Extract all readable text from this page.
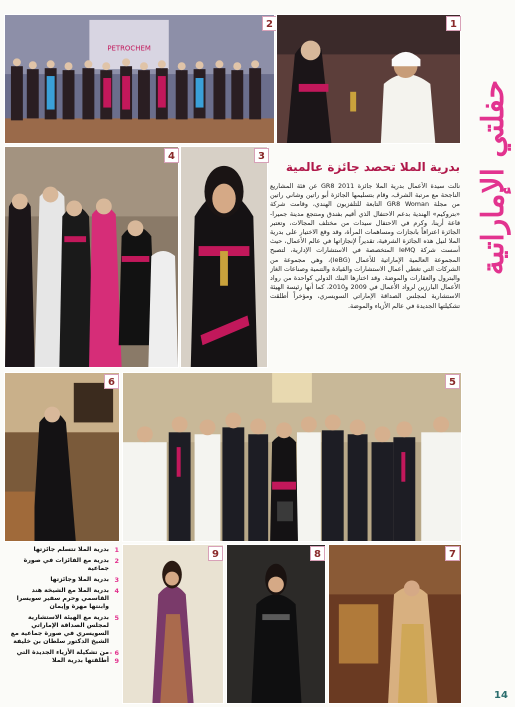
PETROCHEM
2	1
حفلتي الإماراتية
4	3
بدرية الملا تحصد جائزة عالمية
نالت سيدة الأعمال بدرية الملا جائزة GR8 2011 عن فئة المشاريع الناجحة مع مرتبة الشرف، وقام بتسليمها الجائزة أبو راتين وشاني راتين من مجلة GR8 Woman التابعة للتلفزيون الهندي، وقامت شركة «بتروكيم» الهندية بدعم الاحتفال الذي أقيم بفندق ومنتجع مدينة جميرا- قاعة أرينا، وكرم في الاحتفال سيدات من مختلف المجالات، وتعتبر الجائزة اعترافاً بانجازات ومساهمات المرأة، وقد وقع الاختيار على بدرية الملا لنيل هذه الجائزة الشرفية، تقديراً لإنجازاتها في عالم الأعمال، حيث أسست شركة IeMQ المتخصصة في الاستشارات الإدارية، لتصبح المجموعة العالمية الإماراتية للأعمال (IeBG)، وهي مجموعة من الشركات التي تغطي أعمال الاستشارات والقيادة والتنمية وصناعات الغاز والبترول والعقارات والموضة. وقد اختارها البنك الدولي كواحدة من رواد الأعمال البارزين لرواد الأعمال في 2009 و2010، كما أنها رئيسة الهيئة الاستشارية لمجلس الصداقة الإماراتي السويسري، ومؤخراً أطلقت تشكيلتها الجديدة في عالم الأزياء والموضة.
6	5
1
بدرية الملا تتسلم جائزتها
2
بدرية مع الفائزات في صورة جماعية
3
بدرية الملا وجائزتها
4
بدرية الملا مع الشيخة هند القاسمي وحرم سفير سويسرا وابنتها مهرة وإيمان
5
بدرية مع الهيئة الاستشارية لمجلس الصداقة الإماراتي السويسري في صورة جماعية مع الشيخ الدكتور سلطان بن خليفة
6 - 9
من تشكيلة الأزياء الجديدة التي أطلقتها بدرية الملا
9	8	7
14
